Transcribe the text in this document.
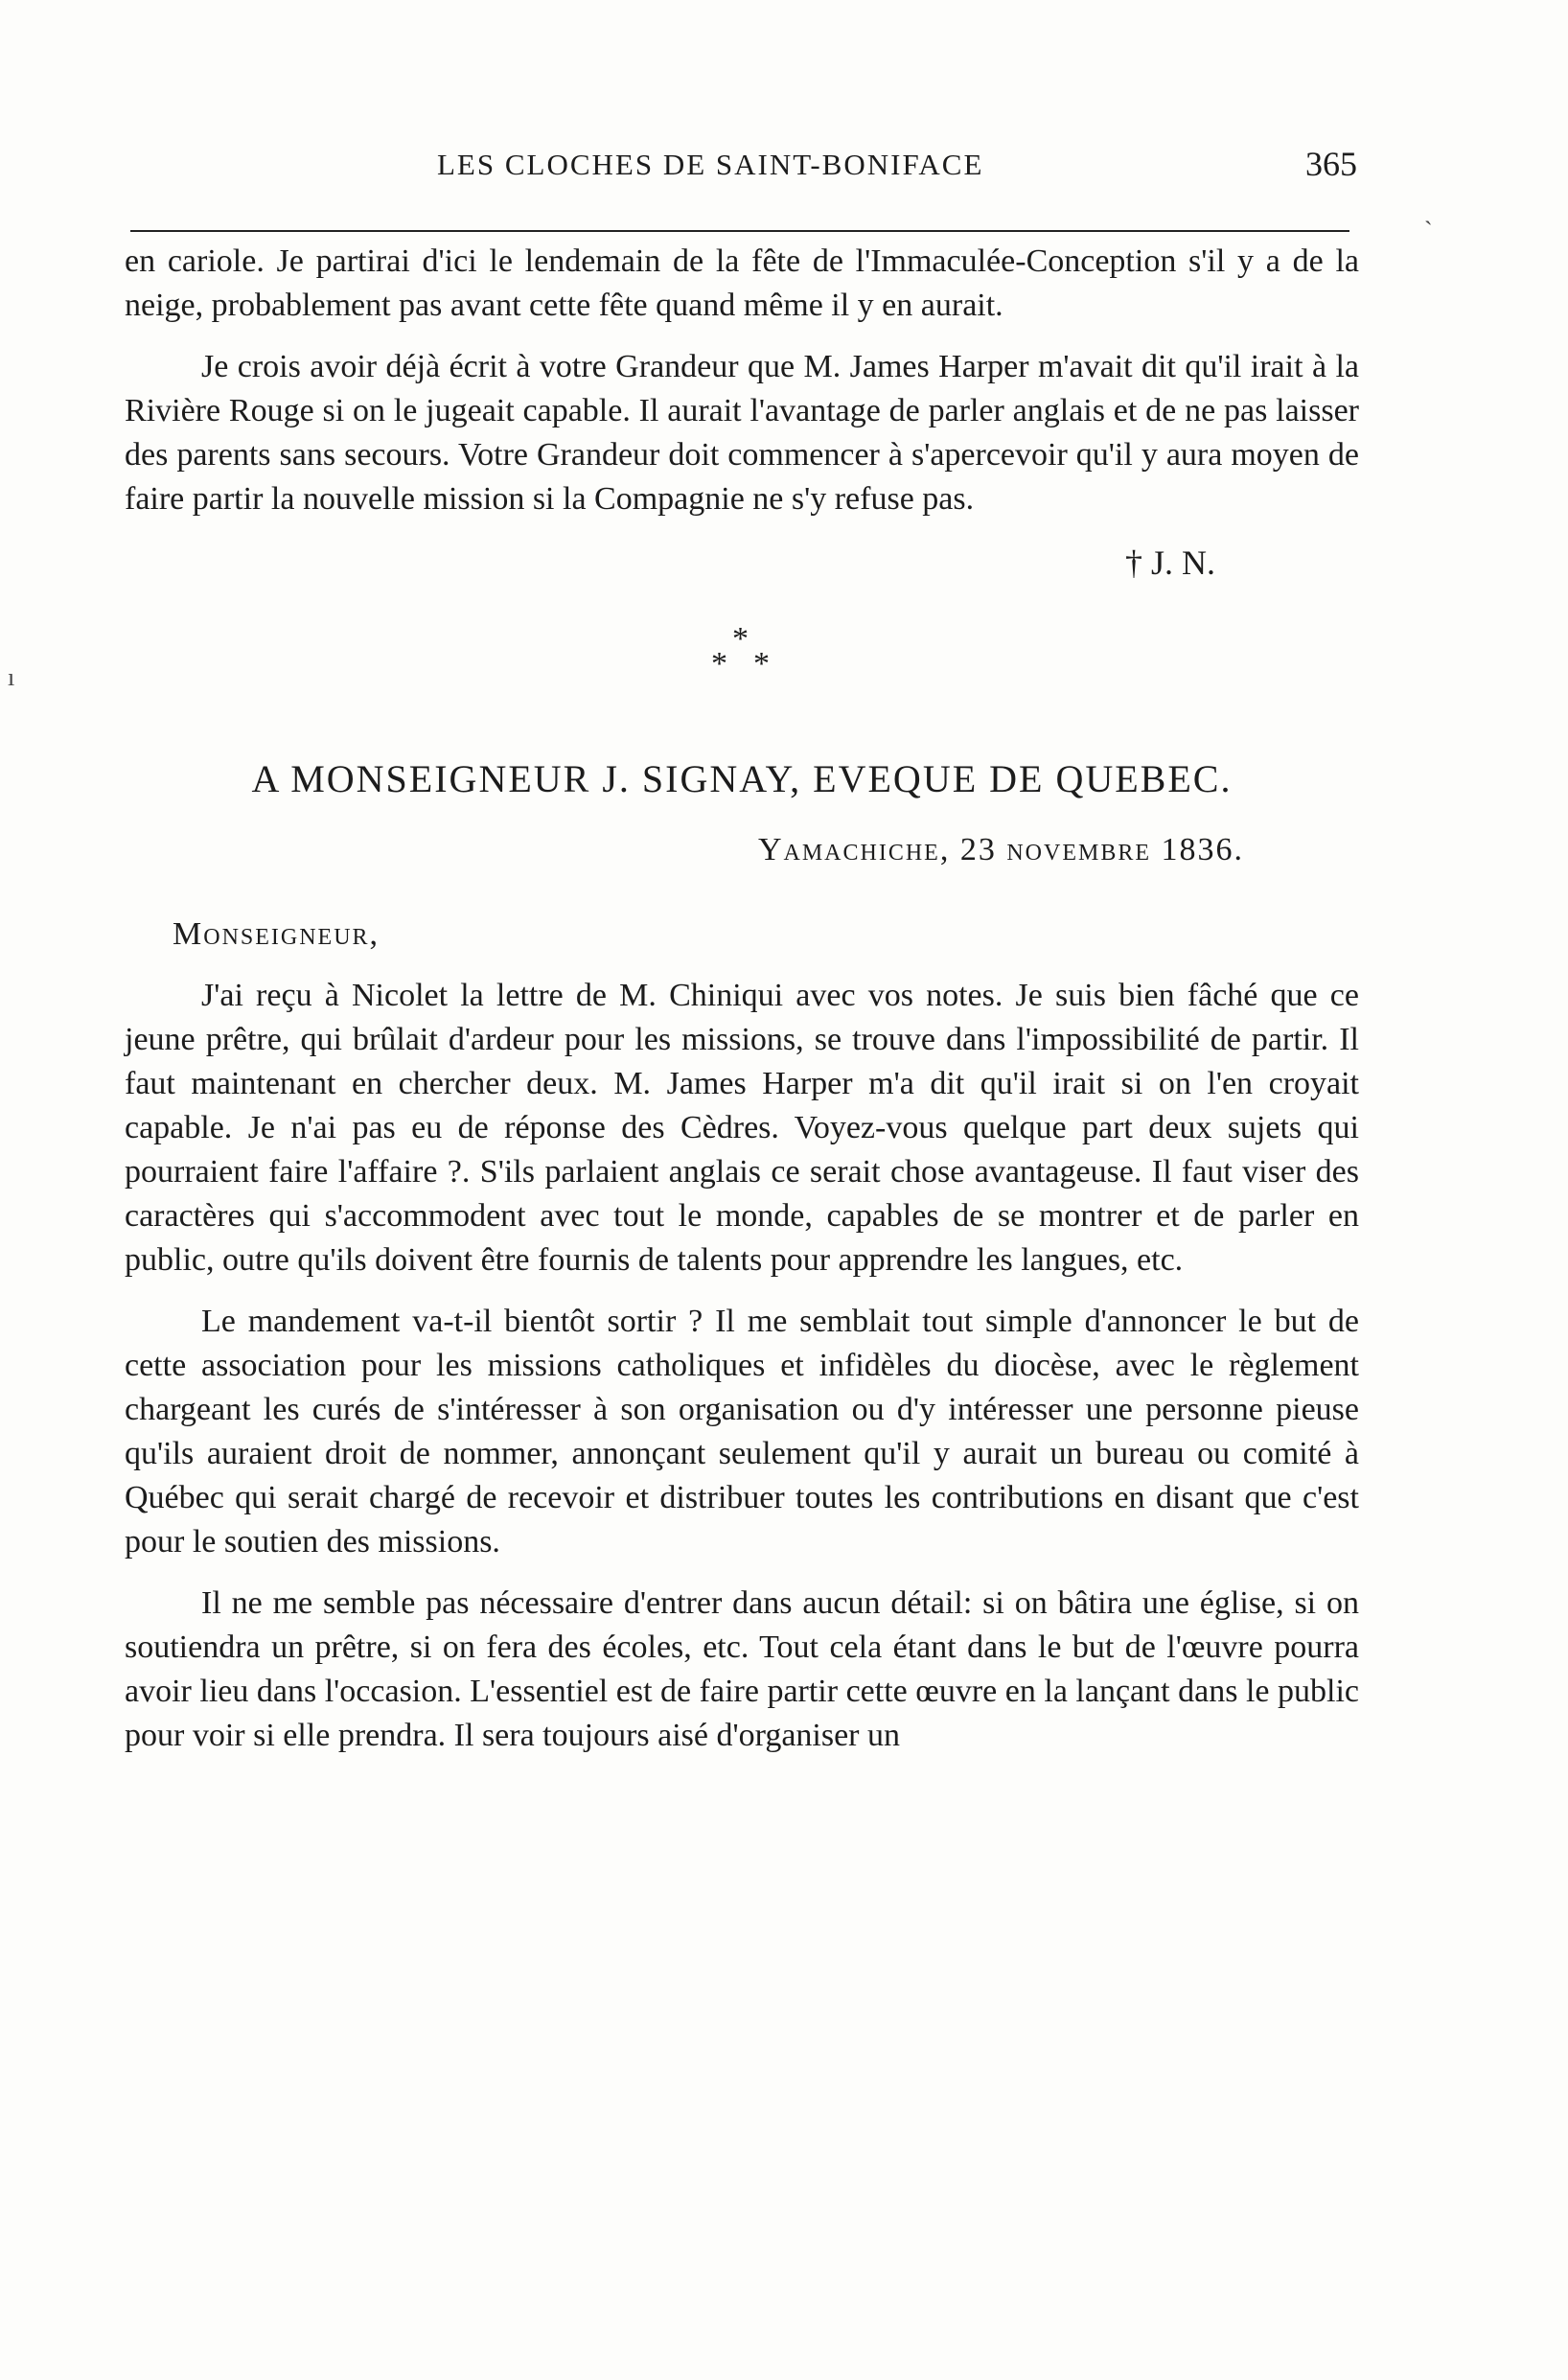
LES CLOCHES DE SAINT-BONIFACE	365
ˎ
ı

en cariole. Je partirai d'ici le lendemain de la fête de l'Immaculée-Conception s'il y a de la neige, probablement pas avant cette fête quand même il y en aurait.

Je crois avoir déjà écrit à votre Grandeur que M. James Harper m'avait dit qu'il irait à la Rivière Rouge si on le jugeait capable. Il aurait l'avantage de parler anglais et de ne pas laisser des parents sans secours. Votre Grandeur doit commencer à s'apercevoir qu'il y aura moyen de faire partir la nouvelle mission si la Compagnie ne s'y refuse pas.

† J. N.

*
* *

A MONSEIGNEUR J. SIGNAY, EVEQUE DE QUEBEC.

Yamachiche, 23 novembre 1836.

Monseigneur,

J'ai reçu à Nicolet la lettre de M. Chiniqui avec vos notes. Je suis bien fâché que ce jeune prêtre, qui brûlait d'ardeur pour les missions, se trouve dans l'impossibilité de partir. Il faut maintenant en chercher deux. M. James Harper m'a dit qu'il irait si on l'en croyait capable. Je n'ai pas eu de réponse des Cèdres. Voyez-vous quelque part deux sujets qui pourraient faire l'affaire ?. S'ils parlaient anglais ce serait chose avantageuse. Il faut viser des caractères qui s'accommodent avec tout le monde, capables de se montrer et de parler en public, outre qu'ils doivent être fournis de talents pour apprendre les langues, etc.

Le mandement va-t-il bientôt sortir ? Il me semblait tout simple d'annoncer le but de cette association pour les missions catholiques et infidèles du diocèse, avec le règlement chargeant les curés de s'intéresser à son organisation ou d'y intéresser une personne pieuse qu'ils auraient droit de nommer, annonçant seulement qu'il y aurait un bureau ou comité à Québec qui serait chargé de recevoir et distribuer toutes les contributions en disant que c'est pour le soutien des missions.

Il ne me semble pas nécessaire d'entrer dans aucun détail: si on bâtira une église, si on soutiendra un prêtre, si on fera des écoles, etc. Tout cela étant dans le but de l'œuvre pourra avoir lieu dans l'occasion. L'essentiel est de faire partir cette œuvre en la lançant dans le public pour voir si elle prendra. Il sera toujours aisé d'organiser un
